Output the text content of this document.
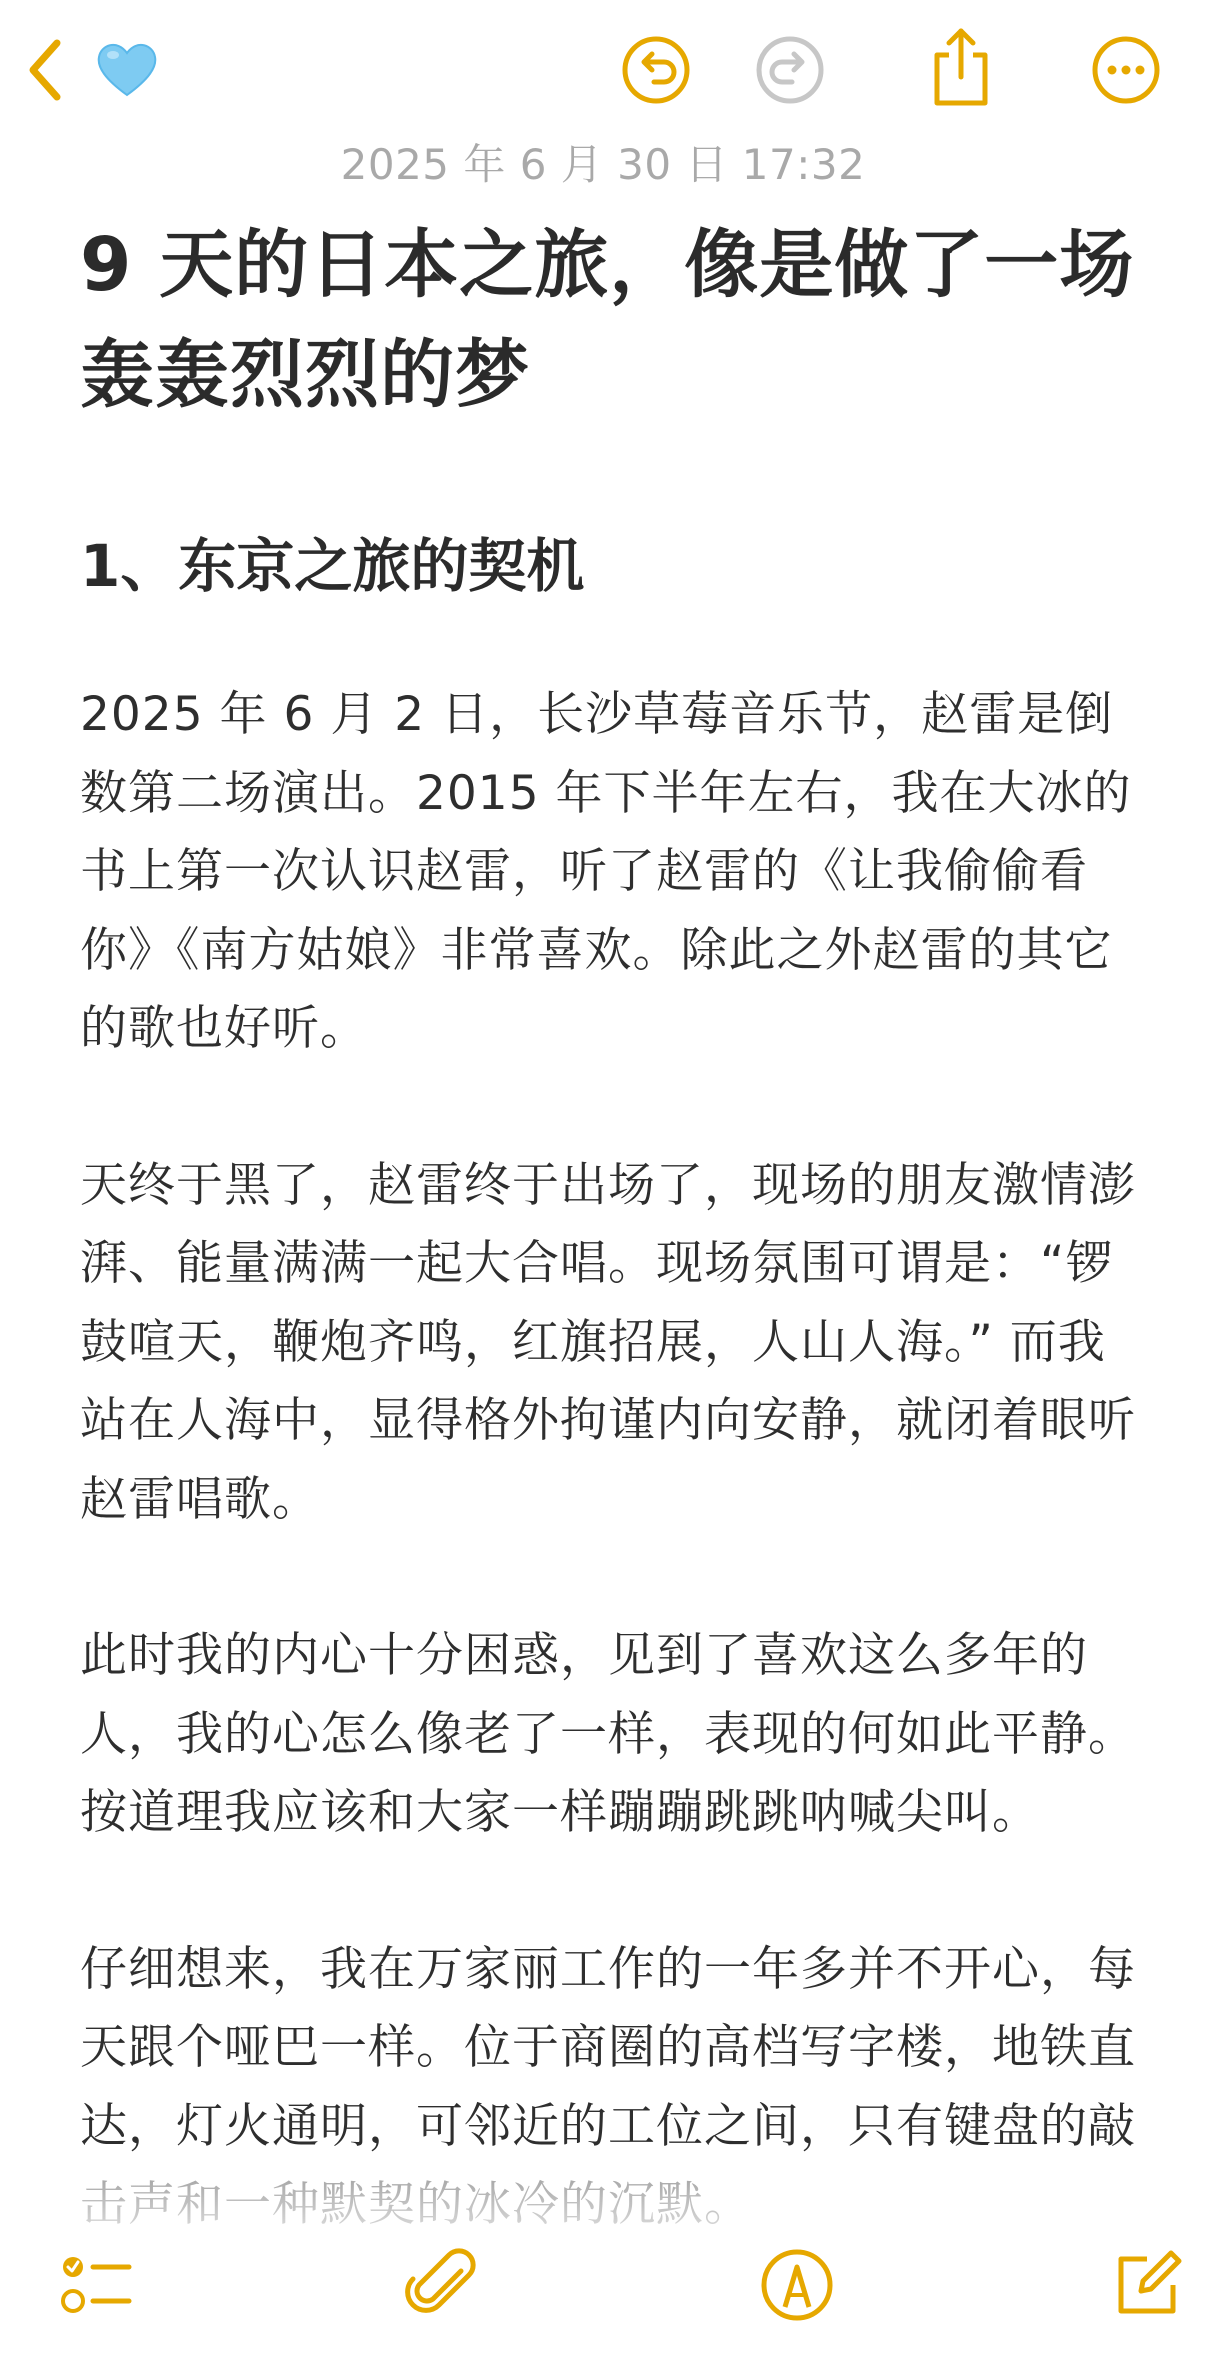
2025 年 6 月 30 日 17:32
9 天的日本之旅，像是做了一场轰轰烈烈的梦
1、东京之旅的契机

2025 年 6 月 2 日，长沙草莓音乐节，赵雷是倒数第二场演出。2015 年下半年左右，我在大冰的书上第一次认识赵雷，听了赵雷的《让我偷偷看你》《南方姑娘》非常喜欢。除此之外赵雷的其它的歌也好听。

天终于黑了，赵雷终于出场了，现场的朋友激情澎湃、能量满满一起大合唱。现场氛围可谓是：“锣鼓喧天，鞭炮齐鸣，红旗招展，人山人海。” 而我站在人海中，显得格外拘谨内向安静，就闭着眼听赵雷唱歌。

此时我的内心十分困惑，见到了喜欢这么多年的人，我的心怎么像老了一样，表现的何如此平静。按道理我应该和大家一样蹦蹦跳跳呐喊尖叫。

仔细想来，我在万家丽工作的一年多并不开心，每天跟个哑巴一样。位于商圈的高档写字楼，地铁直达，灯火通明，可邻近的工位之间，只有键盘的敲
